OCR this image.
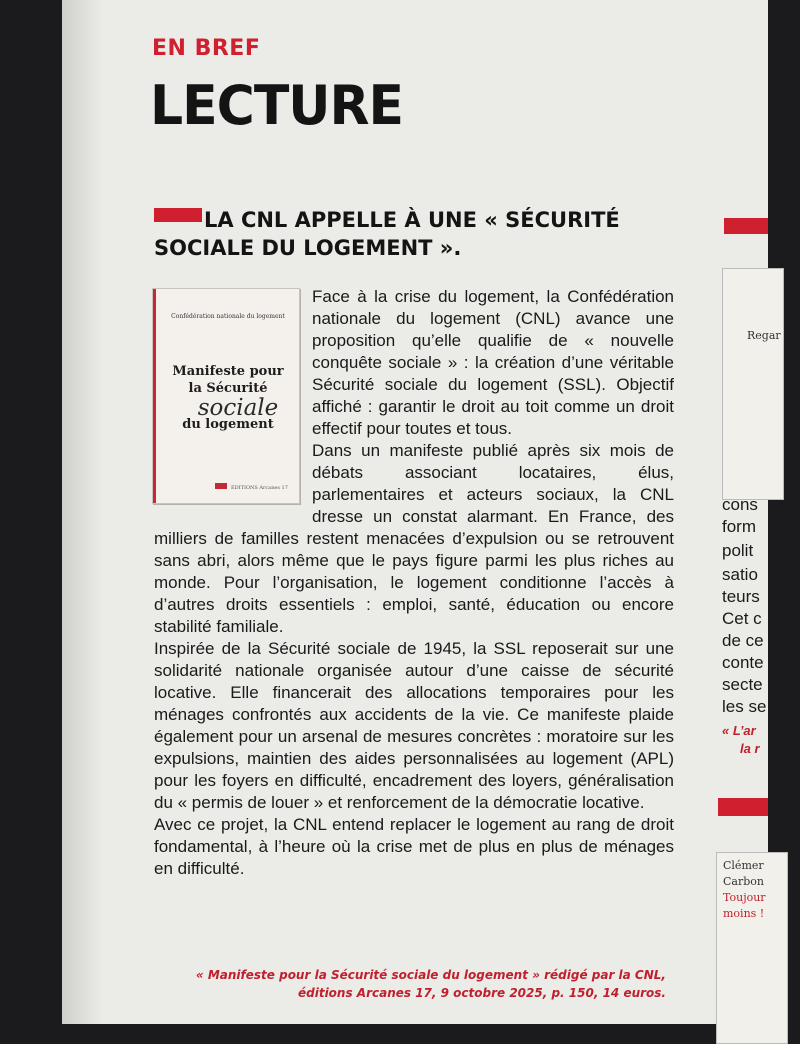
EN BREF
LECTURE
LA CNL APPELLE À UNE « SÉCURITÉ
SOCIALE DU LOGEMENT ».
Confédération nationale du logement
Manifeste pour
la Sécurité
sociale
du logement
ÉDITIONS Arcanes 17

Face à la crise du logement, la Confédération nationale du logement (CNL) avance une proposition qu’elle qualifie de « nouvelle conquête sociale » : la création d’une véritable Sécurité sociale du logement (SSL). Objectif affiché : garantir le droit au toit comme un droit effectif pour toutes et tous.

Dans un manifeste publié après six mois de débats associant locataires, élus, parlementaires et acteurs sociaux, la CNL dresse un constat alarmant. En France, des milliers de familles restent menacées d’expulsion ou se retrouvent sans abri, alors même que le pays figure parmi les plus riches au monde. Pour l’organisation, le logement conditionne l’accès à d’autres droits essentiels : emploi, santé, éducation ou encore stabilité familiale.

Inspirée de la Sécurité sociale de 1945, la SSL reposerait sur une solidarité nationale organisée autour d’une caisse de sécurité locative. Elle financerait des allocations temporaires pour les ménages confrontés aux accidents de la vie. Ce manifeste plaide également pour un arsenal de mesures concrètes : moratoire sur les expulsions, maintien des aides personnalisées au logement (APL) pour les foyers en difficulté, encadrement des loyers, généralisation du « permis de louer » et renforcement de la démocratie locative.

Avec ce projet, la CNL entend replacer le logement au rang de droit fondamental, à l’heure où la crise met de plus en plus de ménages en difficulté.

« Manifeste pour la Sécurité sociale du logement » rédigé par la CNL,
éditions Arcanes 17, 9 octobre 2025, p. 150, 14 euros.
Regar
cons
form
polit
satio
teurs
Cet c
de ce
conte
secte
les se
« L’ar
la r
Clémer
Carbon
Toujour
moins !
